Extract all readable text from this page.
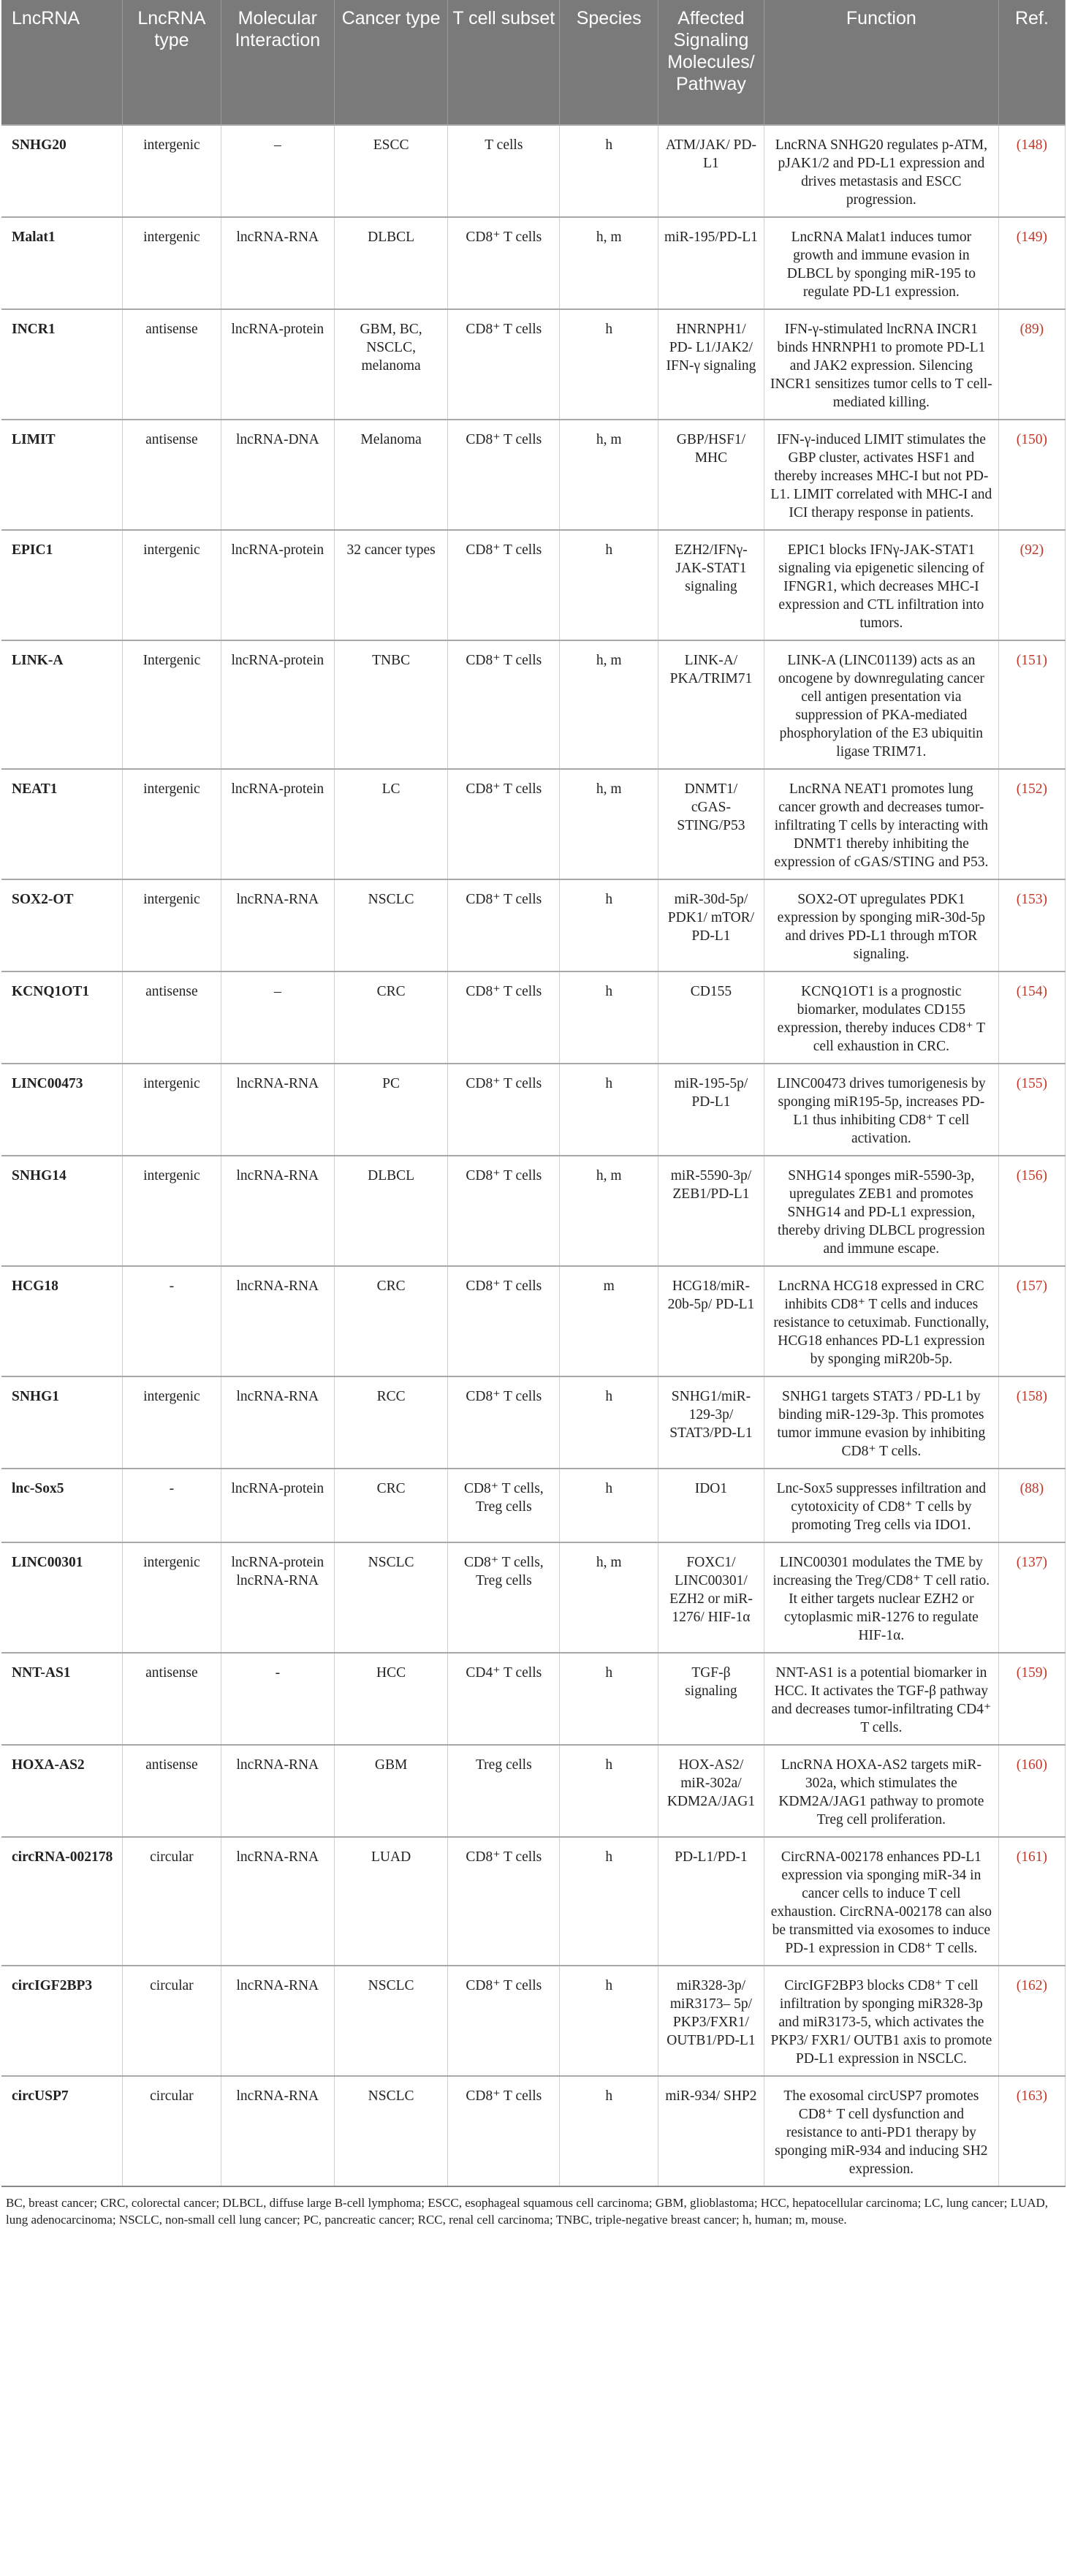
LncRNA	LncRNA type	Molecular Interaction	Cancer type	T cell subset	Species	Affected Signaling Molecules/ Pathway	Function	Ref.
SNHG20	intergenic	–	ESCC	T cells	h	ATM/JAK/ PD-L1	LncRNA SNHG20 regulates p-ATM, pJAK1/2 and PD-L1 expression and drives metastasis and ESCC progression.	(148)
Malat1	intergenic	lncRNA-RNA	DLBCL	CD8⁺ T cells	h, m	miR-195/PD-L1	LncRNA Malat1 induces tumor growth and immune evasion in DLBCL by sponging miR-195 to regulate PD-L1 expression.	(149)
INCR1	antisense	lncRNA-protein	GBM, BC, NSCLC, melanoma	CD8⁺ T cells	h	HNRNPH1/ PD- L1/JAK2/ IFN-γ signaling	IFN-γ-stimulated lncRNA INCR1 binds HNRNPH1 to promote PD-L1 and JAK2 expression. Silencing INCR1 sensitizes tumor cells to T cell-mediated killing.	(89)
LIMIT	antisense	lncRNA-DNA	Melanoma	CD8⁺ T cells	h, m	GBP/HSF1/ MHC	IFN-γ-induced LIMIT stimulates the GBP cluster, activates HSF1 and thereby increases MHC-I but not PD-L1. LIMIT correlated with MHC-I and ICI therapy response in patients.	(150)
EPIC1	intergenic	lncRNA-protein	32 cancer types	CD8⁺ T cells	h	EZH2/IFNγ-JAK-STAT1 signaling	EPIC1 blocks IFNγ-JAK-STAT1 signaling via epigenetic silencing of IFNGR1, which decreases MHC-I expression and CTL infiltration into tumors.	(92)
LINK-A	Intergenic	lncRNA-protein	TNBC	CD8⁺ T cells	h, m	LINK-A/ PKA/TRIM71	LINK-A (LINC01139) acts as an oncogene by downregulating cancer cell antigen presentation via suppression of PKA-mediated phosphorylation of the E3 ubiquitin ligase TRIM71.	(151)
NEAT1	intergenic	lncRNA-protein	LC	CD8⁺ T cells	h, m	DNMT1/ cGAS-STING/P53	LncRNA NEAT1 promotes lung cancer growth and decreases tumor-infiltrating T cells by interacting with DNMT1 thereby inhibiting the expression of cGAS/STING and P53.	(152)
SOX2-OT	intergenic	lncRNA-RNA	NSCLC	CD8⁺ T cells	h	miR-30d-5p/ PDK1/ mTOR/ PD-L1	SOX2-OT upregulates PDK1 expression by sponging miR-30d-5p and drives PD-L1 through mTOR signaling.	(153)
KCNQ1OT1	antisense	–	CRC	CD8⁺ T cells	h	CD155	KCNQ1OT1 is a prognostic biomarker, modulates CD155 expression, thereby induces CD8⁺ T cell exhaustion in CRC.	(154)
LINC00473	intergenic	lncRNA-RNA	PC	CD8⁺ T cells	h	miR-195-5p/ PD-L1	LINC00473 drives tumorigenesis by sponging miR195-5p, increases PD-L1 thus inhibiting CD8⁺ T cell activation.	(155)
SNHG14	intergenic	lncRNA-RNA	DLBCL	CD8⁺ T cells	h, m	miR-5590-3p/ ZEB1/PD-L1	SNHG14 sponges miR-5590-3p, upregulates ZEB1 and promotes SNHG14 and PD-L1 expression, thereby driving DLBCL progression and immune escape.	(156)
HCG18	-	lncRNA-RNA	CRC	CD8⁺ T cells	m	HCG18/miR-20b-5p/ PD-L1	LncRNA HCG18 expressed in CRC inhibits CD8⁺ T cells and induces resistance to cetuximab. Functionally, HCG18 enhances PD-L1 expression by sponging miR20b-5p.	(157)
SNHG1	intergenic	lncRNA-RNA	RCC	CD8⁺ T cells	h	SNHG1/miR-129-3p/ STAT3/PD-L1	SNHG1 targets STAT3 / PD-L1 by binding miR-129-3p. This promotes tumor immune evasion by inhibiting CD8⁺ T cells.	(158)
lnc-Sox5	-	lncRNA-protein	CRC	CD8⁺ T cells, Treg cells	h	IDO1	Lnc-Sox5 suppresses infiltration and cytotoxicity of CD8⁺ T cells by promoting Treg cells via IDO1.	(88)
LINC00301	intergenic	lncRNA-protein lncRNA-RNA	NSCLC	CD8⁺ T cells, Treg cells	h, m	FOXC1/ LINC00301/ EZH2 or miR-1276/ HIF-1α	LINC00301 modulates the TME by increasing the Treg/CD8⁺ T cell ratio. It either targets nuclear EZH2 or cytoplasmic miR-1276 to regulate HIF-1α.	(137)
NNT-AS1	antisense	-	HCC	CD4⁺ T cells	h	TGF-β signaling	NNT-AS1 is a potential biomarker in HCC. It activates the TGF-β pathway and decreases tumor-infiltrating CD4⁺ T cells.	(159)
HOXA-AS2	antisense	lncRNA-RNA	GBM	Treg cells	h	HOX-AS2/ miR-302a/ KDM2A/JAG1	LncRNA HOXA-AS2 targets miR-302a, which stimulates the KDM2A/JAG1 pathway to promote Treg cell proliferation.	(160)
circRNA-002178	circular	lncRNA-RNA	LUAD	CD8⁺ T cells	h	PD-L1/PD-1	CircRNA-002178 enhances PD-L1 expression via sponging miR-34 in cancer cells to induce T cell exhaustion. CircRNA-002178 can also be transmitted via exosomes to induce PD-1 expression in CD8⁺ T cells.	(161)
circIGF2BP3	circular	lncRNA-RNA	NSCLC	CD8⁺ T cells	h	miR328-3p/ miR3173– 5p/ PKP3/FXR1/ OUTB1/PD-L1	CircIGF2BP3 blocks CD8⁺ T cell infiltration by sponging miR328-3p and miR3173-5, which activates the PKP3/ FXR1/ OUTB1 axis to promote PD-L1 expression in NSCLC.	(162)
circUSP7	circular	lncRNA-RNA	NSCLC	CD8⁺ T cells	h	miR-934/ SHP2	The exosomal circUSP7 promotes CD8⁺ T cell dysfunction and resistance to anti-PD1 therapy by sponging miR-934 and inducing SH2 expression.	(163)
BC, breast cancer; CRC, colorectal cancer; DLBCL, diffuse large B-cell lymphoma; ESCC, esophageal squamous cell carcinoma; GBM, glioblastoma; HCC, hepatocellular carcinoma; LC, lung cancer; LUAD, lung adenocarcinoma; NSCLC, non-small cell lung cancer; PC, pancreatic cancer; RCC, renal cell carcinoma; TNBC, triple-negative breast cancer; h, human; m, mouse.
